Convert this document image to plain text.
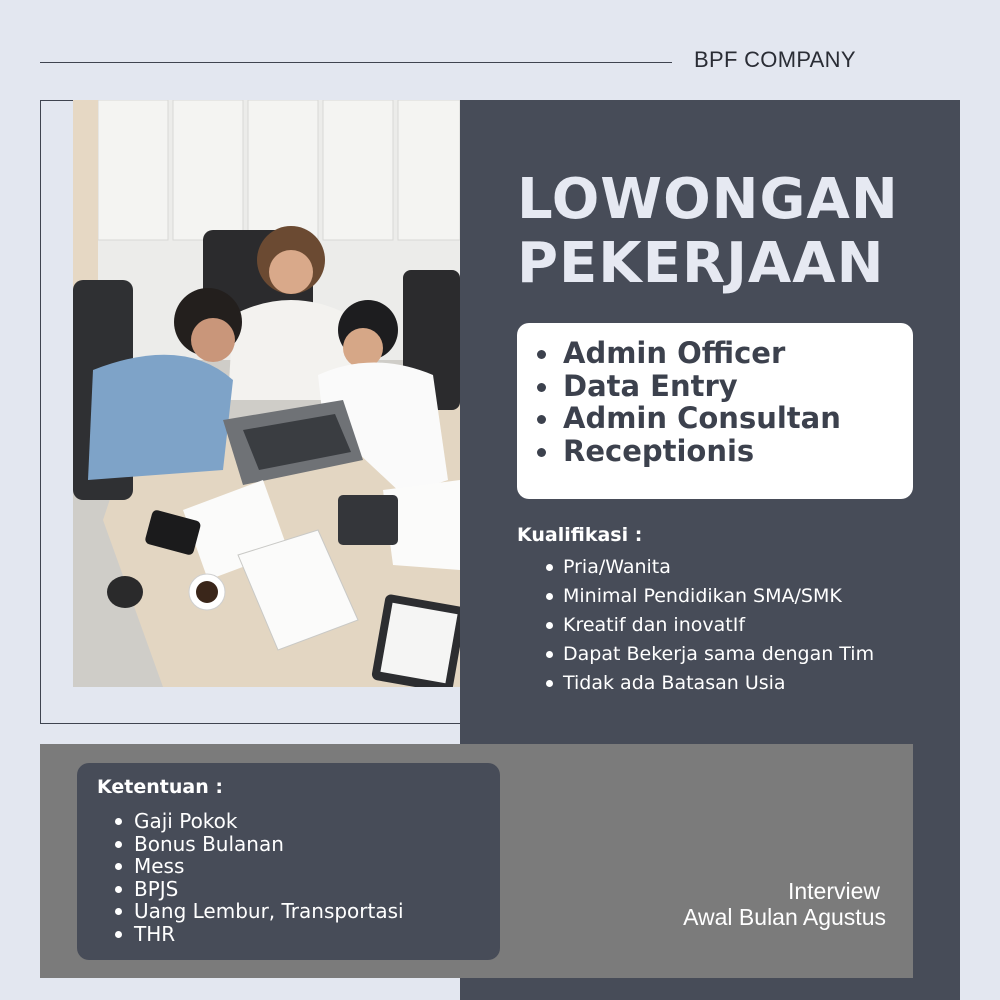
BPF COMPANY
LOWONGAN
PEKERJAAN
Admin Officer
Data Entry
Admin Consultan
Receptionis
Kualifikasi :
Pria/Wanita
Minimal Pendidikan SMA/SMK
Kreatif dan inovatIf
Dapat Bekerja sama dengan Tim
Tidak ada Batasan Usia
Ketentuan :
Gaji Pokok
Bonus Bulanan
Mess
BPJS
Uang Lembur, Transportasi
THR
Interview
Awal Bulan Agustus
